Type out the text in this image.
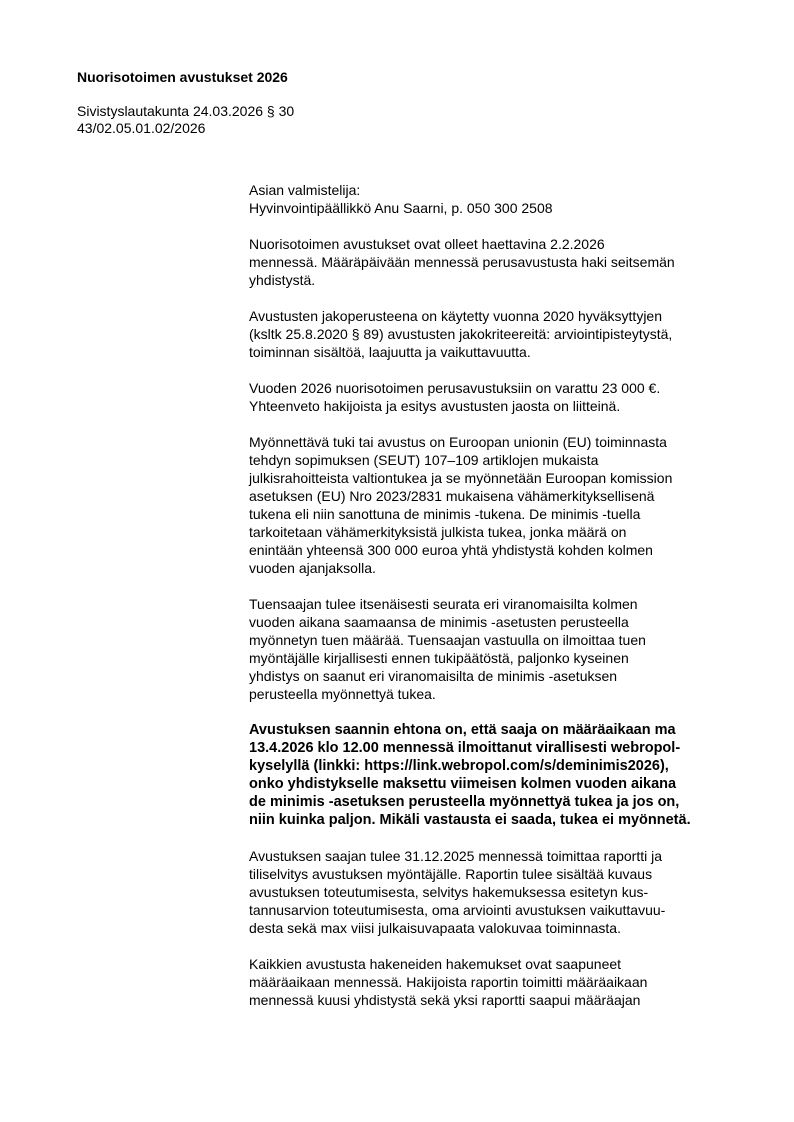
Nuorisotoimen avustukset 2026

Sivistyslautakunta 24.03.2026 § 30

43/02.05.01.02/2026

Asian valmistelija:
Hyvinvointipäällikkö Anu Saarni, p. 050 300 2508
Nuorisotoimen avustukset ovat olleet haettavina 2.2.2026
mennessä. Määräpäivään mennessä perusavustusta haki seitsemän
yhdistystä.
Avustusten jakoperusteena on käytetty vuonna 2020 hyväksyttyjen
(ksltk 25.8.2020 § 89) avustusten jakokriteereitä: arviointipisteytystä,
toiminnan sisältöä, laajuutta ja vaikuttavuutta.
Vuoden 2026 nuorisotoimen perusavustuksiin on varattu 23 000 €.
Yhteenveto hakijoista ja esitys avustusten jaosta on liitteinä.
Myönnettävä tuki tai avustus on Euroopan unionin (EU) toiminnasta
tehdyn sopimuksen (SEUT) 107–109 artiklojen mukaista
julkisrahoitteista valtiontukea ja se myönnetään Euroopan komission
asetuksen (EU) Nro 2023/2831 mukaisena vähämerkityksellisenä
tukena eli niin sanottuna de minimis -tukena. De minimis -tuella
tarkoitetaan vähämerkityksistä julkista tukea, jonka määrä on
enintään yhteensä 300 000 euroa yhtä yhdistystä kohden kolmen
vuoden ajanjaksolla.
Tuensaajan tulee itsenäisesti seurata eri viranomaisilta kolmen
vuoden aikana saamaansa de minimis -asetusten perusteella
myönnetyn tuen määrää. Tuensaajan vastuulla on ilmoittaa tuen
myöntäjälle kirjallisesti ennen tukipäätöstä, paljonko kyseinen
yhdistys on saanut eri viranomaisilta de minimis -asetuksen
perusteella myönnettyä tukea.
Avustuksen saannin ehtona on, että saaja on määräaikaan ma
13.4.2026 klo 12.00 mennessä ilmoittanut virallisesti webropol-
kyselyllä (linkki: https://link.webropol.com/s/deminimis2026),
onko yhdistykselle maksettu viimeisen kolmen vuoden aikana
de minimis -asetuksen perusteella myönnettyä tukea ja jos on,
niin kuinka paljon. Mikäli vastausta ei saada, tukea ei myönnetä.
Avustuksen saajan tulee 31.12.2025 mennessä toimittaa raportti ja
tiliselvitys avustuksen myöntäjälle. Raportin tulee sisältää kuvaus
avustuksen toteutumisesta, selvitys hakemuksessa esitetyn kus-
tannusarvion toteutumisesta, oma arviointi avustuksen vaikuttavuu-
desta sekä max viisi julkaisuvapaata valokuvaa toiminnasta.
Kaikkien avustusta hakeneiden hakemukset ovat saapuneet
määräaikaan mennessä. Hakijoista raportin toimitti määräaikaan
mennessä kuusi yhdistystä sekä yksi raportti saapui määräajan
